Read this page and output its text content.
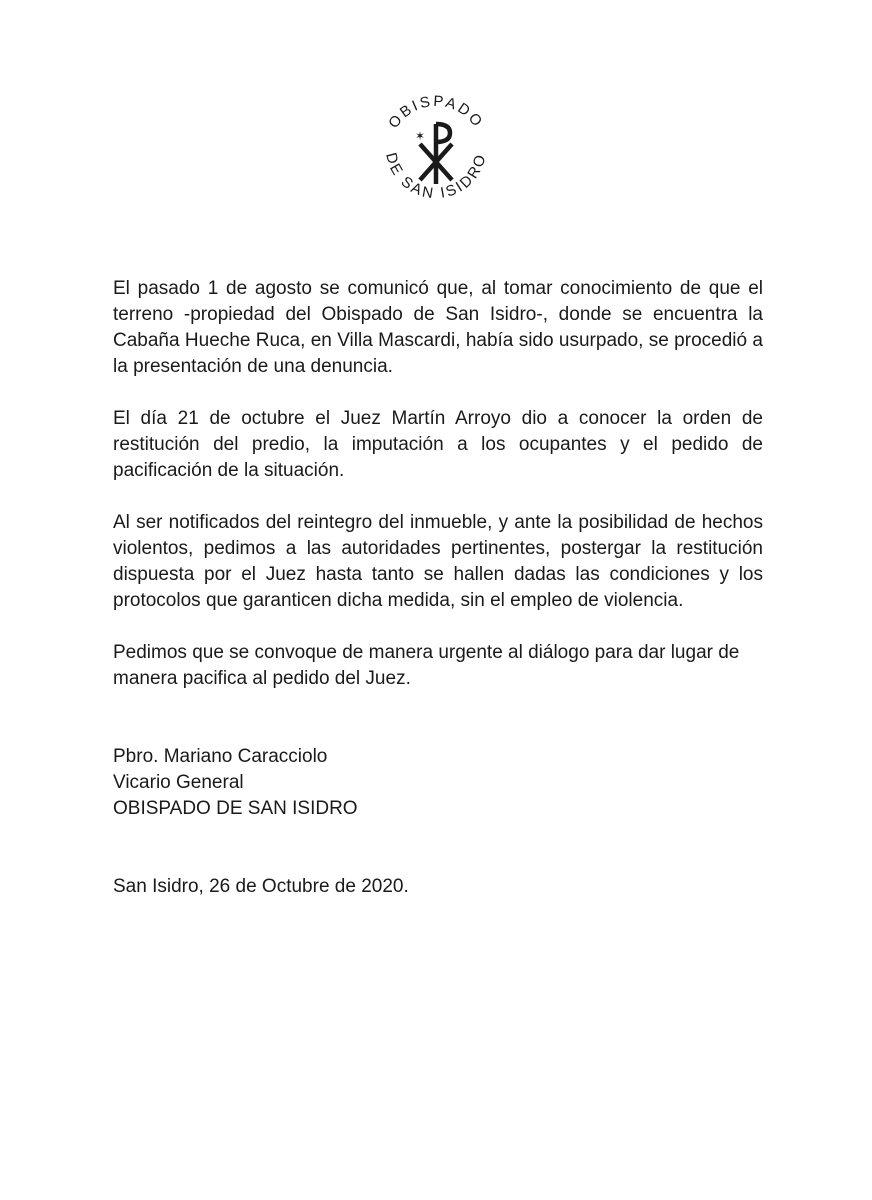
OBISPADO
DE SAN ISIDRO
✶

El pasado 1 de agosto se comunicó que, al tomar conocimiento de que el terreno -propiedad del Obispado de San Isidro-, donde se encuentra la Cabaña Hueche Ruca, en Villa Mascardi, había sido usurpado, se procedió a la presentación de una denuncia.

El día 21 de octubre el Juez Martín Arroyo dio a conocer la orden de restitución del predio, la imputación a los ocupantes y el pedido de pacificación de la situación.

Al ser notificados del reintegro del inmueble, y ante la posibilidad de hechos violentos, pedimos a las autoridades pertinentes, postergar la restitución dispuesta por el Juez hasta tanto se hallen dadas las condiciones y los protocolos que garanticen dicha medida, sin el empleo de violencia.

Pedimos que se convoque de manera urgente al diálogo para dar lugar de manera pacifica al pedido del Juez.

Pbro. Mariano Caracciolo
Vicario General
OBISPADO DE SAN ISIDRO
San Isidro, 26 de Octubre de 2020.
